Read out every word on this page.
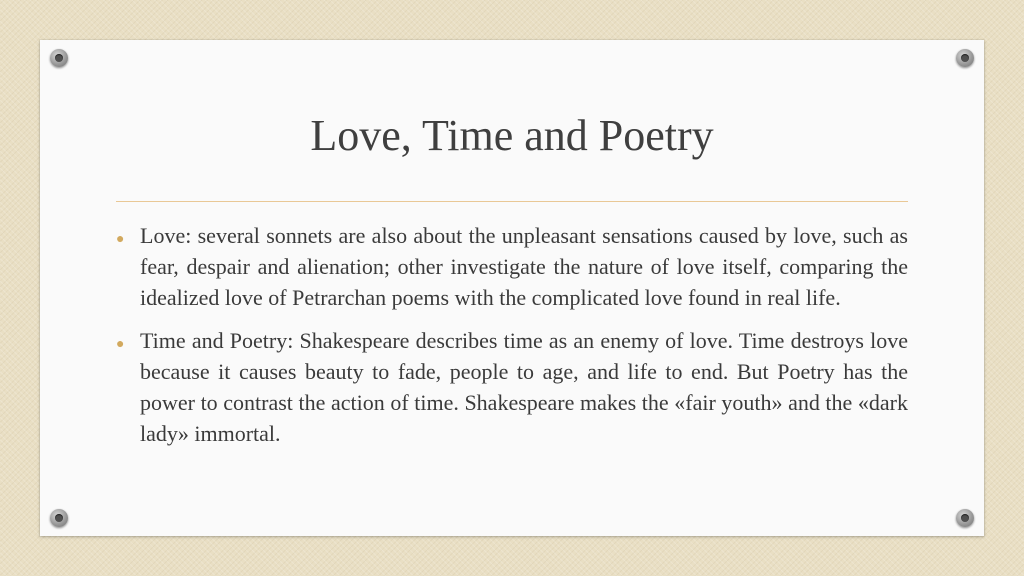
Love, Time and Poetry
● Love: several sonnets are also about the unpleasant sensations caused by love, such as fear, despair and alienation; other investigate the nature of love itself, comparing the idealized love of Petrarchan poems with the complicated love found in real life.
● Time and Poetry: Shakespeare describes time as an enemy of love. Time destroys love because it causes beauty to fade, people to age, and life to end. But Poetry has the power to contrast the action of time. Shakespeare makes the «fair youth» and the «dark lady» immortal.
